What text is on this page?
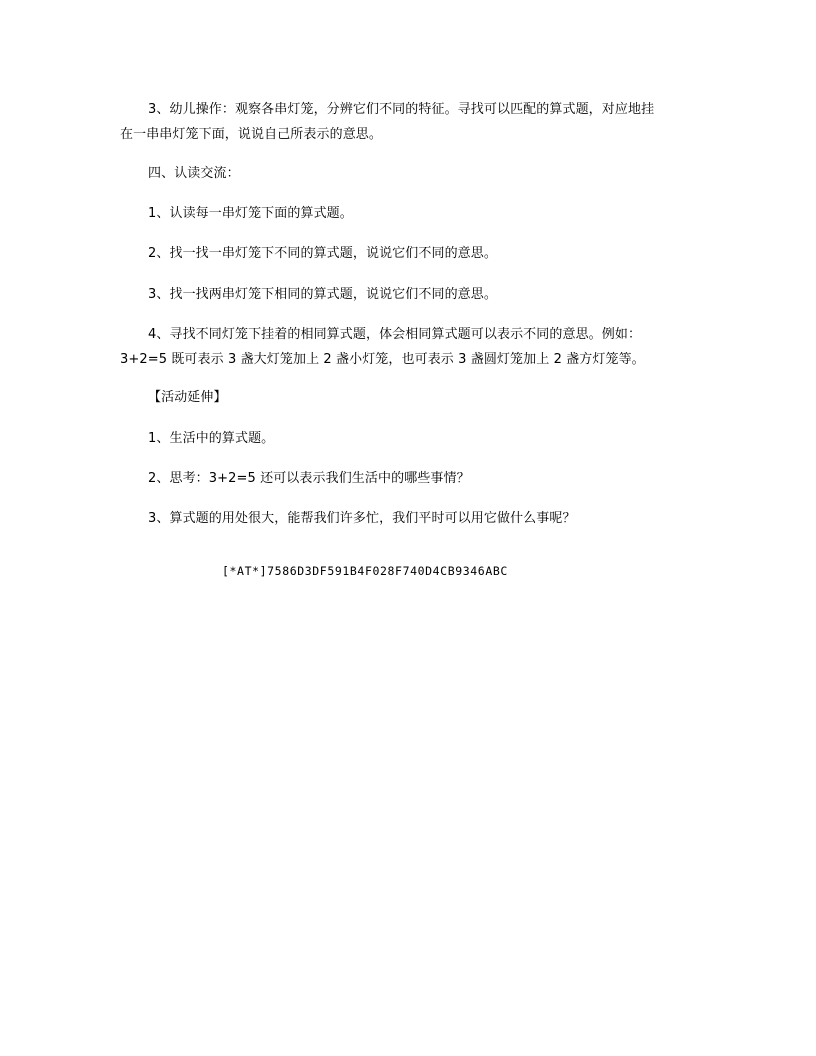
3、幼儿操作：观察各串灯笼，分辨它们不同的特征。寻找可以匹配的算式题，对应地挂
在一串串灯笼下面，说说自己所表示的意思。
四、认读交流：
1、认读每一串灯笼下面的算式题。
2、找一找一串灯笼下不同的算式题，说说它们不同的意思。
3、找一找两串灯笼下相同的算式题，说说它们不同的意思。
4、寻找不同灯笼下挂着的相同算式题，体会相同算式题可以表示不同的意思。例如：
3+2=5 既可表示 3 盏大灯笼加上 2 盏小灯笼，也可表示 3 盏圆灯笼加上 2 盏方灯笼等。
【活动延伸】
1、生活中的算式题。
2、思考：3+2=5 还可以表示我们生活中的哪些事情？
3、算式题的用处很大，能帮我们许多忙，我们平时可以用它做什么事呢？
[*AT*]7586D3DF591B4F028F740D4CB9346ABC
